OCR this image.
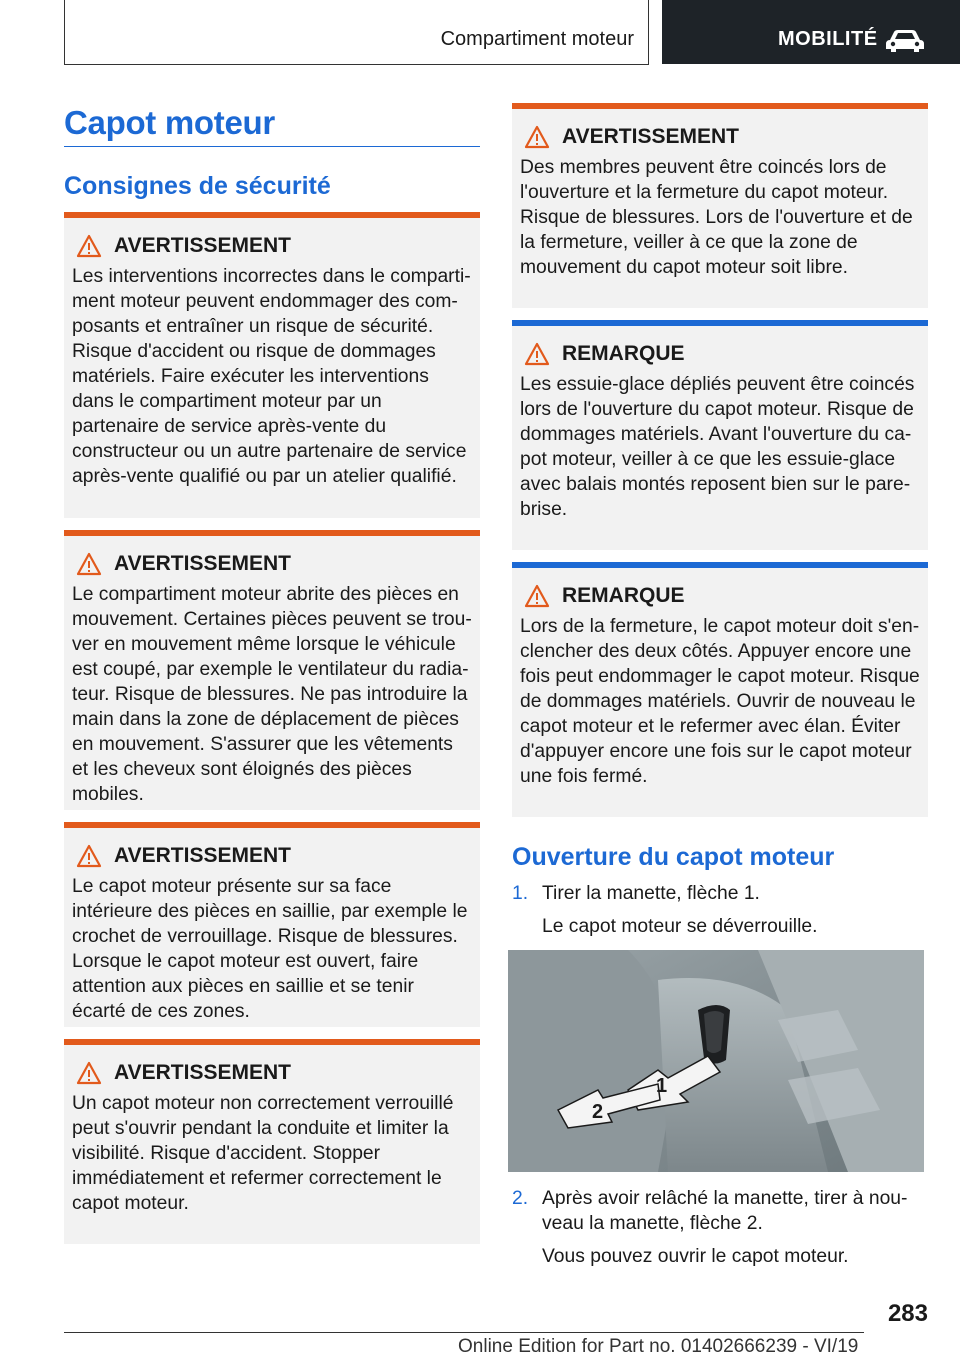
Compartiment moteur	MOBILITÉ
Capot moteur
Consignes de sécurité
AVERTISSEMENT
Les interventions incorrectes dans le compartiment moteur peuvent endommager des composants et entraîner un risque de sécurité. Risque d'accident ou risque de dommages matériels. Faire exécuter les interventions dans le compartiment moteur par un partenaire de service après-vente du constructeur ou un autre partenaire de service après-vente qualifié ou par un atelier qualifié.
AVERTISSEMENT
Le compartiment moteur abrite des pièces en mouvement. Certaines pièces peuvent se trouver en mouvement même lorsque le véhicule est coupé, par exemple le ventilateur du radiateur. Risque de blessures. Ne pas introduire la main dans la zone de déplacement de pièces en mouvement. S'assurer que les vêtements et les cheveux sont éloignés des pièces mobiles.
AVERTISSEMENT
Le capot moteur présente sur sa face intérieure des pièces en saillie, par exemple le crochet de verrouillage. Risque de blessures. Lorsque le capot moteur est ouvert, faire attention aux pièces en saillie et se tenir écarté de ces zones.
AVERTISSEMENT
Un capot moteur non correctement verrouillé peut s'ouvrir pendant la conduite et limiter la visibilité. Risque d'accident. Stopper immédiatement et refermer correctement le capot moteur.
AVERTISSEMENT
Des membres peuvent être coincés lors de l'ouverture et la fermeture du capot moteur. Risque de blessures. Lors de l'ouverture et de la fermeture, veiller à ce que la zone de mouvement du capot moteur soit libre.
REMARQUE
Les essuie-glace dépliés peuvent être coincés lors de l'ouverture du capot moteur. Risque de dommages matériels. Avant l'ouverture du capot moteur, veiller à ce que les essuie-glace avec balais montés reposent bien sur le pare-brise.
REMARQUE
Lors de la fermeture, le capot moteur doit s'enclencher des deux côtés. Appuyer encore une fois peut endommager le capot moteur. Risque de dommages matériels. Ouvrir de nouveau le capot moteur et le refermer avec élan. Éviter d'appuyer encore une fois sur le capot moteur une fois fermé.
Ouverture du capot moteur
1. Tirer la manette, flèche 1.
Le capot moteur se déverrouille.
1
2
2. Après avoir relâché la manette, tirer à nouveau la manette, flèche 2.
Vous pouvez ouvrir le capot moteur.
283
Online Edition for Part no. 01402666239 - VI/19
